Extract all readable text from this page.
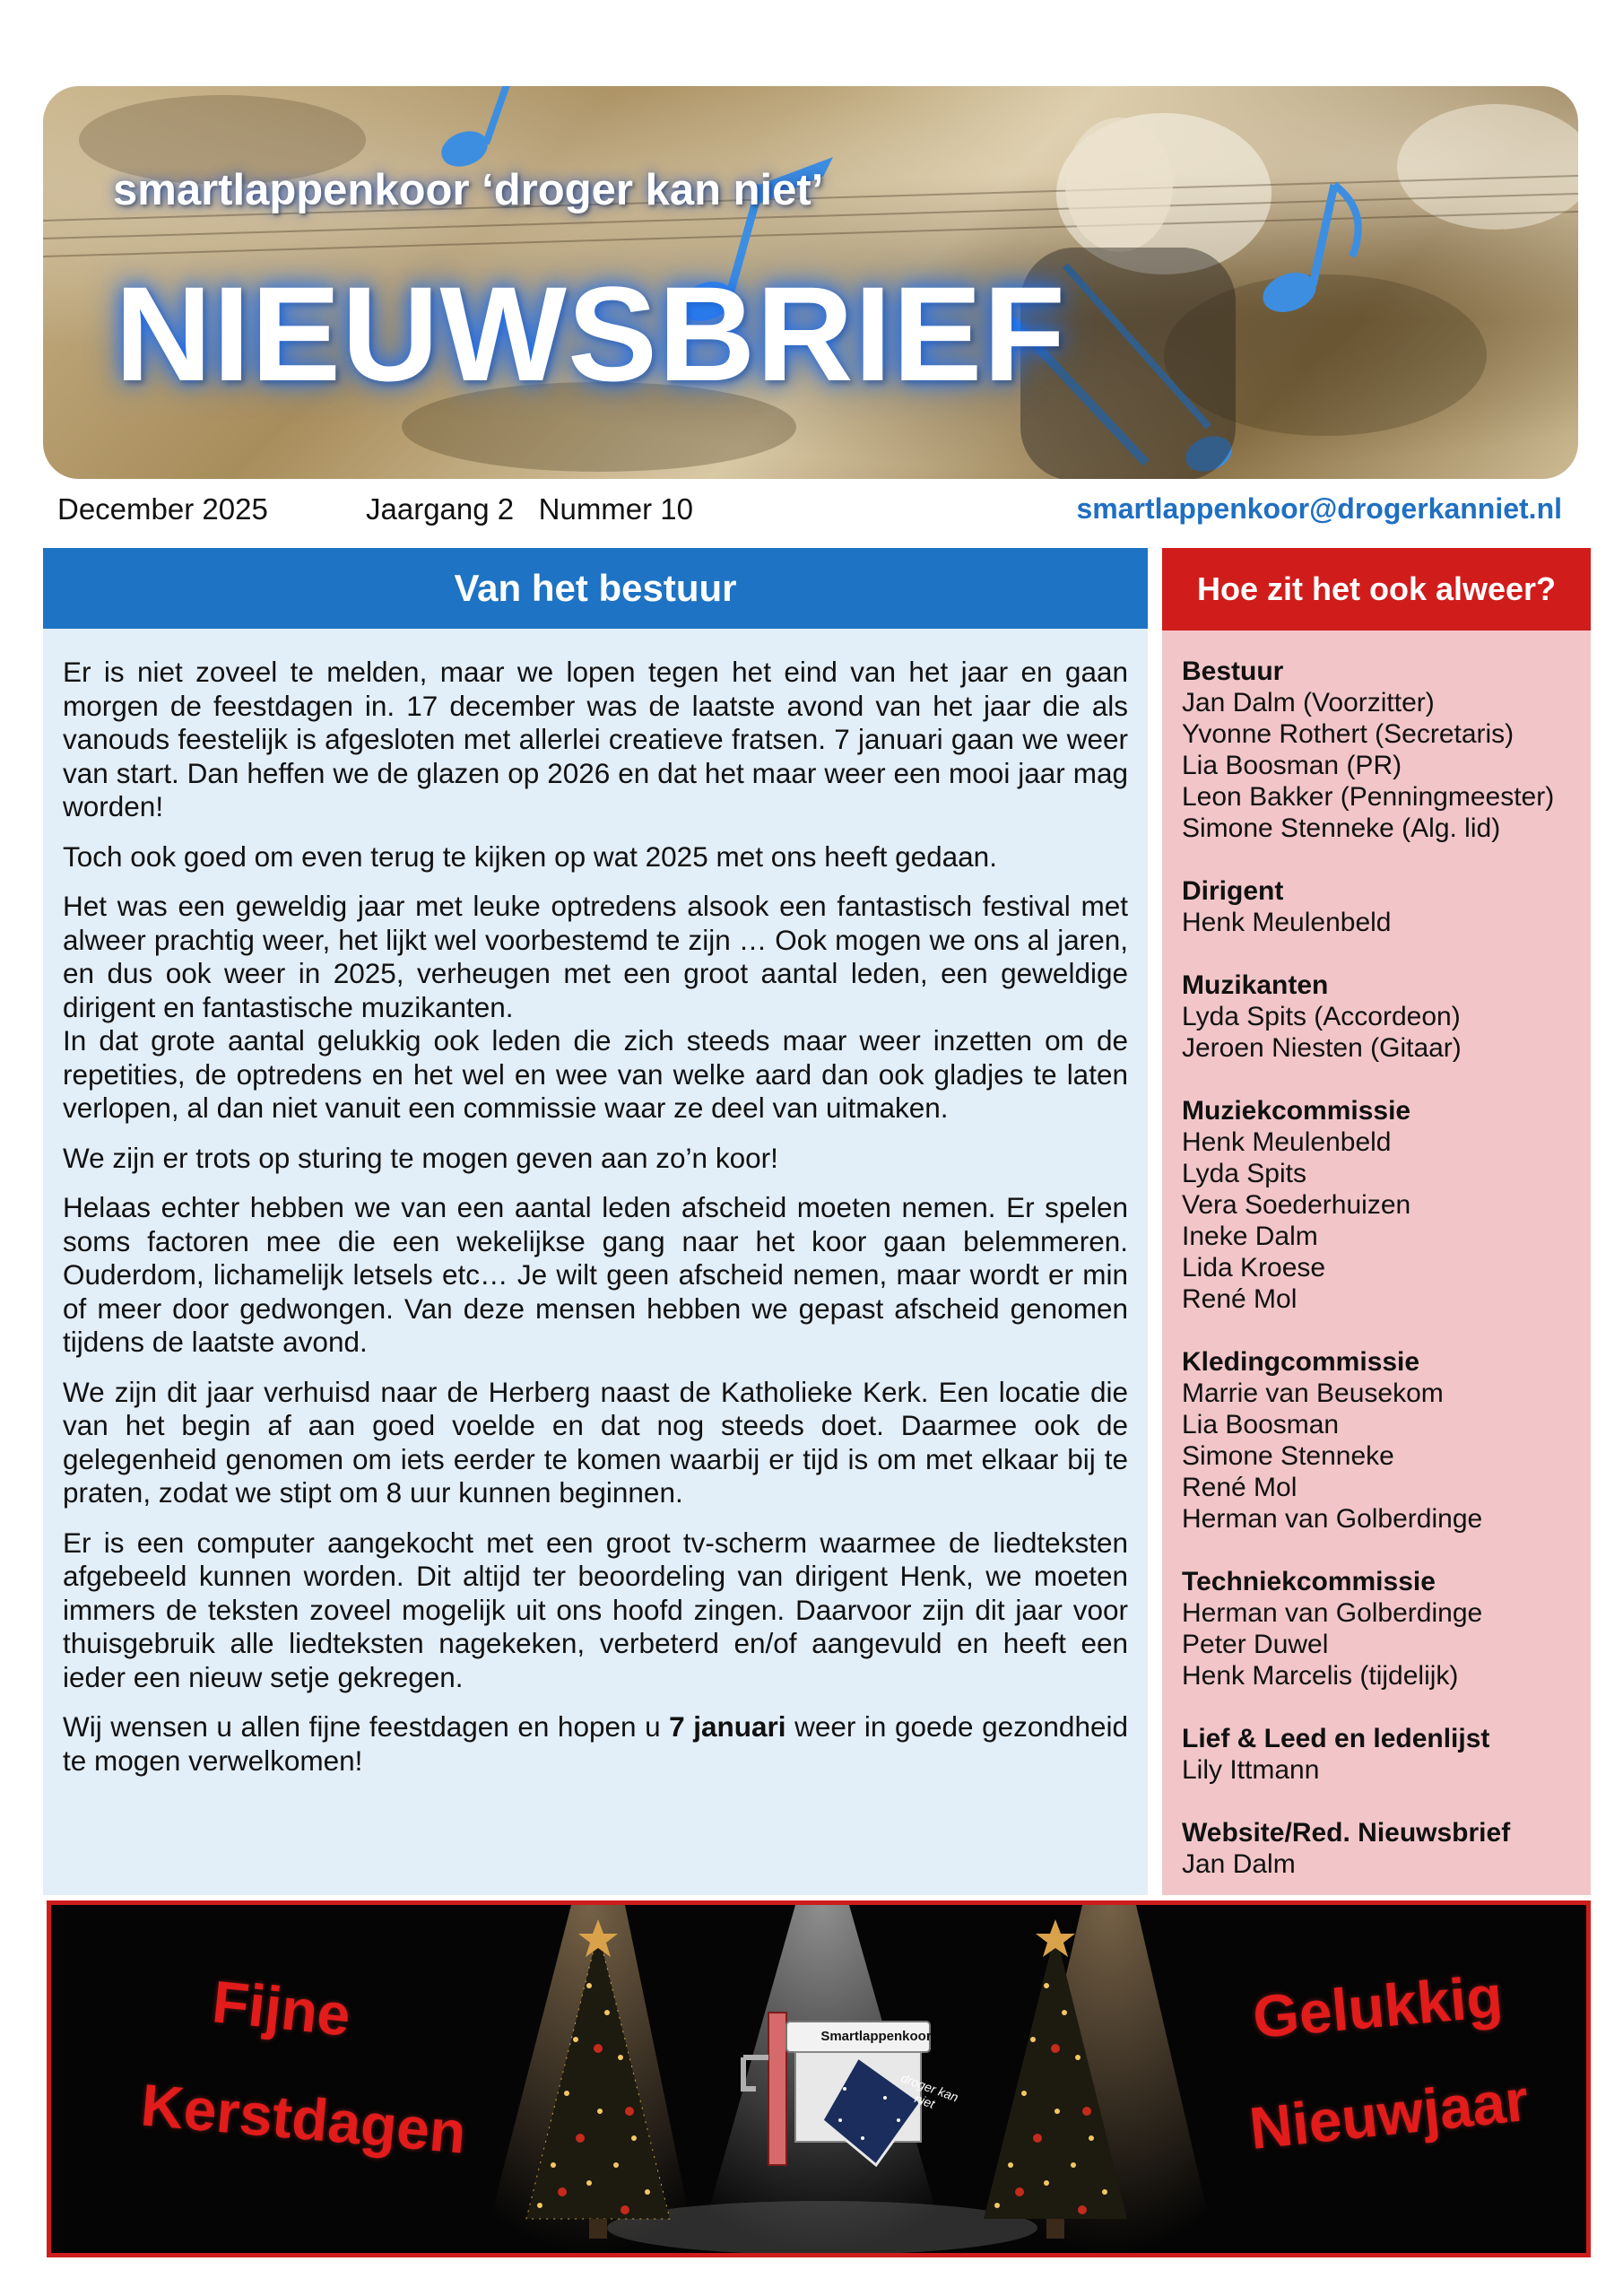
smartlappenkoor ‘droger kan niet’
NIEUWSBRIEF
December 2025	Jaargang 2   Nummer 10	smartlappenkoor@drogerkanniet.nl
Van het bestuur

Er is niet zoveel te melden, maar we lopen tegen het eind van het jaar en gaan morgen de feestdagen in. 17 december was de laatste avond van het jaar die als vanouds feestelijk is afgesloten met allerlei creatieve fratsen. 7 januari gaan we weer van start. Dan heffen we de glazen op 2026 en dat het maar weer een mooi jaar mag worden!

Toch ook goed om even terug te kijken op wat 2025 met ons heeft gedaan.

Het was een geweldig jaar met leuke optredens alsook een fantastisch festival met alweer prachtig weer, het lijkt wel voorbestemd te zijn … Ook mogen we ons al jaren, en dus ook weer in 2025, verheugen met een groot aantal leden, een geweldige dirigent en fantastische muzikanten.

In dat grote aantal gelukkig ook leden die zich steeds maar weer inzetten om de repetities, de optredens en het wel en wee van welke aard dan ook gladjes te laten verlopen, al dan niet vanuit een commissie waar ze deel van uitmaken.

We zijn er trots op sturing te mogen geven aan zo’n koor!

Helaas echter hebben we van een aantal leden afscheid moeten nemen. Er spelen soms factoren mee die een wekelijkse gang naar het koor gaan belemmeren. Ouderdom, lichamelijk letsels etc… Je wilt geen afscheid nemen, maar wordt er min of meer door gedwongen. Van deze mensen hebben we gepast afscheid genomen tijdens de laatste avond.

We zijn dit jaar verhuisd naar de Herberg naast de Katholieke Kerk. Een locatie die van het begin af aan goed voelde en dat nog steeds doet. Daarmee ook de gelegenheid genomen om iets eerder te komen waarbij er tijd is om met elkaar bij te praten, zodat we stipt om 8 uur kunnen beginnen.

Er is een computer aangekocht met een groot tv-scherm waarmee de liedteksten afgebeeld kunnen worden. Dit altijd ter beoordeling van dirigent Henk, we moeten immers de teksten zoveel mogelijk uit ons hoofd zingen. Daarvoor zijn dit jaar voor thuisgebruik alle liedteksten nagekeken, verbeterd en/of aangevuld en heeft een ieder een nieuw setje gekregen.

Wij wensen u allen fijne feestdagen en hopen u 7 januari weer in goede gezondheid te mogen verwelkomen!

Hoe zit het ook alweer?
Bestuur
Jan Dalm (Voorzitter)
Yvonne Rothert (Secretaris)
Lia Boosman (PR)
Leon Bakker (Penningmeester)
Simone Stenneke (Alg. lid)
Dirigent
Henk Meulenbeld
Muzikanten
Lyda Spits (Accordeon)
Jeroen Niesten (Gitaar)
Muziekcommissie
Henk Meulenbeld
Lyda Spits
Vera Soederhuizen
Ineke Dalm
Lida Kroese
René Mol
Kledingcommissie
Marrie van Beusekom
Lia Boosman
Simone Stenneke
René Mol
Herman van Golberdinge
Techniekcommissie
Herman van Golberdinge
Peter Duwel
Henk Marcelis (tijdelijk)
Lief & Leed en ledenlijst
Lily Ittmann
Website/Red. Nieuwsbrief
Jan Dalm
Smartlappenkoor
droger kan niet
Fijne
Kerstdagen
Gelukkig
Nieuwjaar
